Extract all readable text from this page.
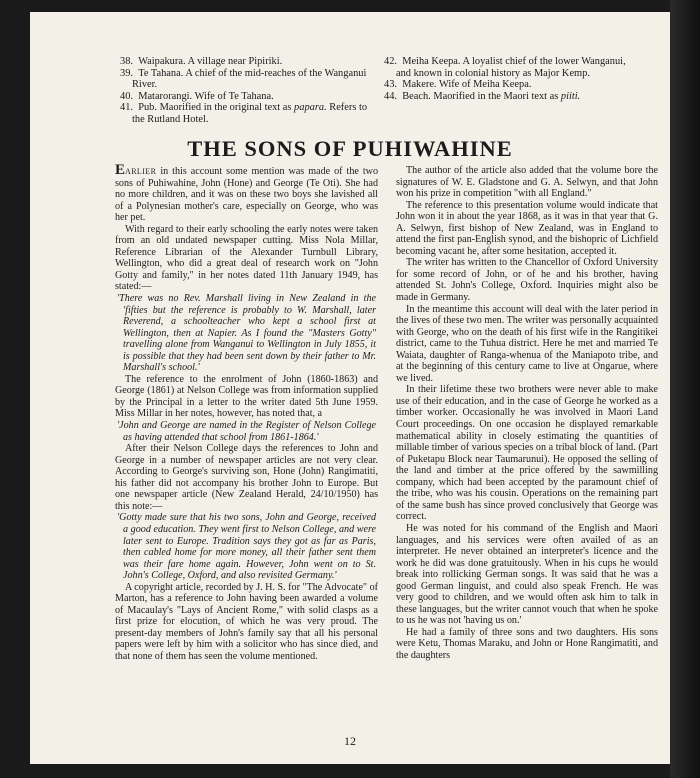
38. Waipakura. A village near Pipiriki.
39. Te Tahana. A chief of the mid-reaches of the Wanganui River.
40. Matarorangi. Wife of Te Tahana.
41. Pub. Maorified in the original text as papara. Refers to the Rutland Hotel.
42. Meiha Keepa. A loyalist chief of the lower Wanganui, and known in colonial history as Major Kemp.
43. Makere. Wife of Meiha Keepa.
44. Beach. Maorified in the Maori text as piiti.
THE SONS OF PUHIWAHINE

EARLIER in this account some mention was made of the two sons of Puhiwahine, John (Hone) and George (Te Oti). She had no more children, and it was on these two boys she lavished all of a Polynesian mother's care, especially on George, who was her pet.

With regard to their early schooling the early notes were taken from an old undated newspaper cutting. Miss Nola Millar, Reference Librarian of the Alexander Turnbull Library, Wellington, who did a great deal of research work on "John Gotty and family," in her notes dated 11th January 1949, has stated:—

'There was no Rev. Marshall living in New Zealand in the 'fifties but the reference is probably to W. Marshall, later Reverend, a schoolteacher who kept a school first at Wellington, then at Napier. As I found the "Masters Gotty" travelling alone from Wanganui to Wellington in July 1855, it is possible that they had been sent down by their father to Mr. Marshall's school.'

The reference to the enrolment of John (1860-1863) and George (1861) at Nelson College was from information supplied by the Principal in a letter to the writer dated 5th June 1959. Miss Millar in her notes, however, has noted that, a

'John and George are named in the Register of Nelson College as having attended that school from 1861-1864.'

After their Nelson College days the references to John and George in a number of newspaper articles are not very clear. According to George's surviving son, Hone (John) Rangimatiti, his father did not accompany his brother John to Europe. But one newspaper article (New Zealand Herald, 24/10/1950) has this note:—

'Gotty made sure that his two sons, John and George, received a good education. They went first to Nelson College, and were later sent to Europe. Tradition says they got as far as Paris, then cabled home for more money, all their father sent them was their fare home again. However, John went on to St. John's College, Oxford, and also revisited Germany.'

A copyright article, recorded by J. H. S. for "The Advocate" of Marton, has a reference to John having been awarded a volume of Macaulay's "Lays of Ancient Rome," with solid clasps as a first prize for elocution, of which he was very proud. The present-day members of John's family say that all his personal papers were left by him with a solicitor who has since died, and that none of them has seen the volume mentioned.

The author of the article also added that the volume bore the signatures of W. E. Gladstone and G. A. Selwyn, and that John won his prize in competition "with all England."

The reference to this presentation volume would indicate that John won it in about the year 1868, as it was in that year that G. A. Selwyn, first bishop of New Zealand, was in England to attend the first pan-English synod, and the bishopric of Lichfield becoming vacant he, after some hesitation, accepted it.

The writer has written to the Chancellor of Oxford University for some record of John, or of he and his brother, having attended St. John's College, Oxford. Inquiries might also be made in Germany.

In the meantime this account will deal with the later period in the lives of these two men. The writer was personally acquainted with George, who on the death of his first wife in the Rangitikei district, came to the Tuhua district. Here he met and married Te Waiata, daughter of Ranga-whenua of the Maniapoto tribe, and at the beginning of this century came to live at Ongarue, where we lived.

In their lifetime these two brothers were never able to make use of their education, and in the case of George he worked as a timber worker. Occasionally he was involved in Maori Land Court proceedings. On one occasion he displayed remarkable mathematical ability in closely estimating the quantities of millable timber of various species on a tribal block of land. (Part of Puketapu Block near Taumarunui). He opposed the selling of the land and timber at the price offered by the sawmilling company, which had been accepted by the paramount chief of the tribe, who was his cousin. Operations on the remaining part of the same bush has since proved conclusively that George was correct.

He was noted for his command of the English and Maori languages, and his services were often availed of as an interpreter. He never obtained an interpreter's licence and the work he did was done gratuitously. When in his cups he would break into rollicking German songs. It was said that he was a good German linguist, and could also speak French. He was very good to children, and we would often ask him to talk in these languages, but the writer cannot vouch that when he spoke to us he was not 'having us on.'

He had a family of three sons and two daughters. His sons were Ketu, Thomas Maraku, and John or Hone Rangimatiti, and the daughters

12
